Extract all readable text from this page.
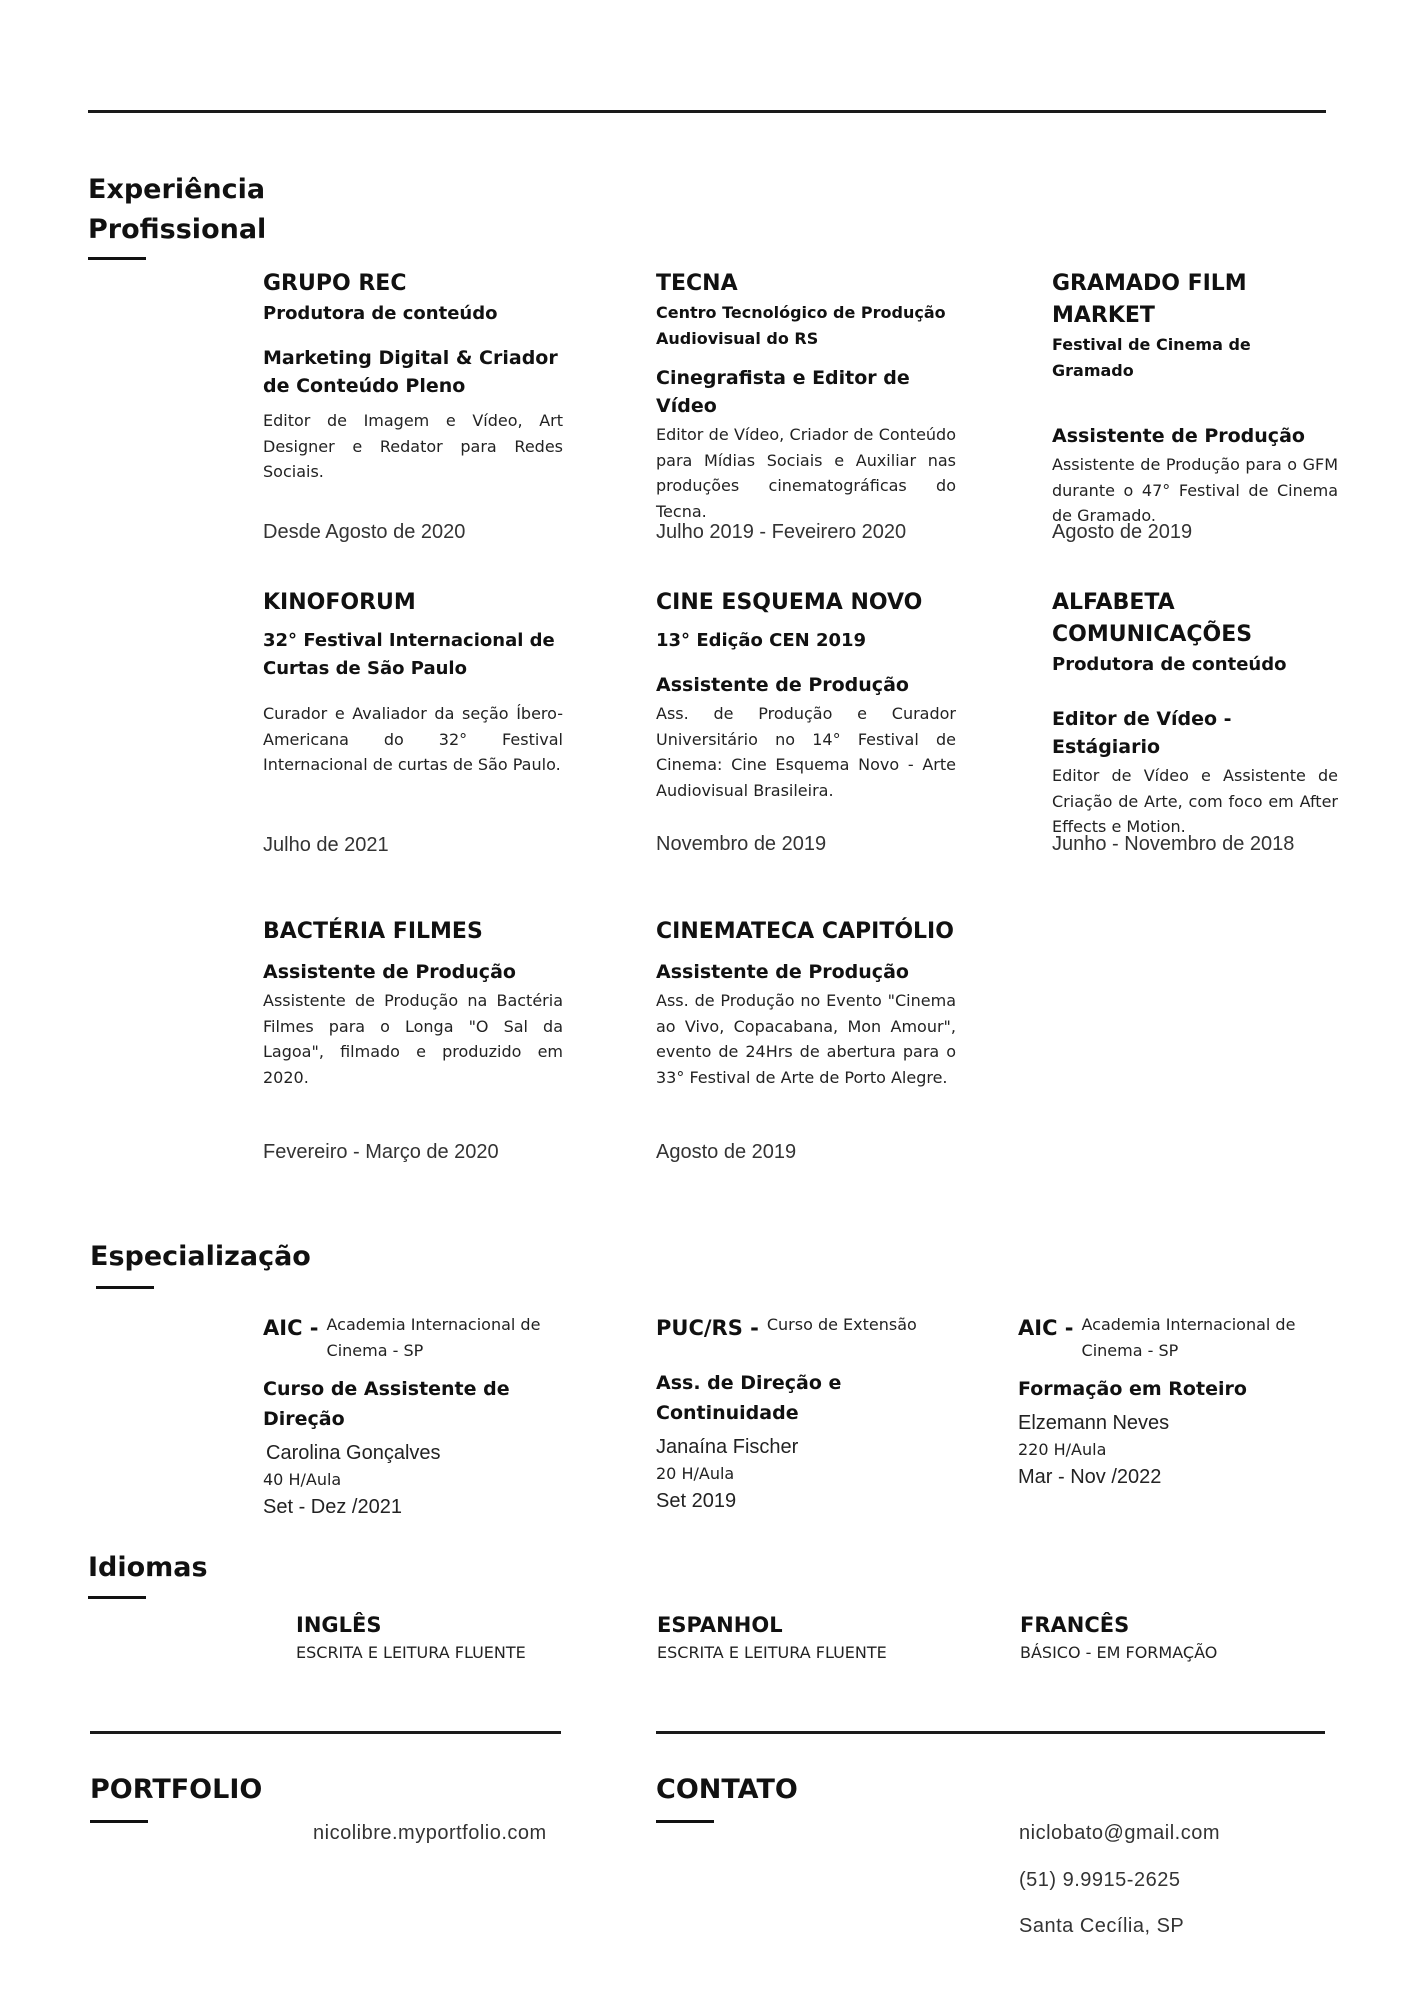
Experiência
Profissional
GRUPO REC
Produtora de conteúdo
Marketing Digital & Criador de Conteúdo Pleno
Editor de Imagem e Vídeo, Art Designer e Redator para Redes Sociais.
Desde Agosto de 2020
TECNA
Centro Tecnológico de Produção Audiovisual do RS
Cinegrafista e Editor de Vídeo
Editor de Vídeo, Criador de Conteúdo para Mídias Sociais e Auxiliar nas produções cinematográficas do Tecna.
Julho 2019 - Feveirero 2020
GRAMADO FILM MARKET
Festival de Cinema de Gramado
Assistente de Produção
Assistente de Produção para o GFM durante o 47° Festival de Cinema de Gramado.
Agosto de 2019
KINOFORUM
32° Festival Internacional de Curtas de São Paulo
Curador e Avaliador da seção Íbero-Americana do 32° Festival Internacional de curtas de São Paulo.
Julho de 2021
CINE ESQUEMA NOVO
13° Edição CEN 2019
Assistente de Produção
Ass. de Produção e Curador Universitário no 14° Festival de Cinema: Cine Esquema Novo - Arte Audiovisual Brasileira.
Novembro de 2019
ALFABETA COMUNICAÇÕES
Produtora de conteúdo
Editor de Vídeo - Estágiario
Editor de Vídeo e Assistente de Criação de Arte, com foco em After Effects e Motion.
Junho - Novembro de 2018
BACTÉRIA FILMES
Assistente de Produção
Assistente de Produção na Bactéria Filmes para o Longa "O Sal da Lagoa", filmado e produzido em 2020.
Fevereiro - Março de 2020
CINEMATECA CAPITÓLIO
Assistente de Produção
Ass. de Produção no Evento "Cinema ao Vivo, Copacabana, Mon Amour", evento de 24Hrs de abertura para o 33° Festival de Arte de Porto Alegre.
Agosto de 2019
Especialização
AIC - Academia Internacional de Cinema - SP
Curso de Assistente de Direção
Carolina Gonçalves
40 H/Aula
Set - Dez /2021
PUC/RS - Curso de Extensão
Ass. de Direção e Continuidade
Janaína Fischer
20 H/Aula
Set 2019
AIC - Academia Internacional de Cinema - SP
Formação em Roteiro
Elzemann Neves
220 H/Aula
Mar - Nov /2022
Idiomas
INGLÊS
ESCRITA E LEITURA FLUENTE
ESPANHOL
ESCRITA E LEITURA FLUENTE
FRANCÊS
BÁSICO - EM FORMAÇÃO
PORTFOLIO
nicolibre.myportfolio.com
CONTATO
niclobato@gmail.com
(51) 9.9915-2625
Santa Cecília, SP
